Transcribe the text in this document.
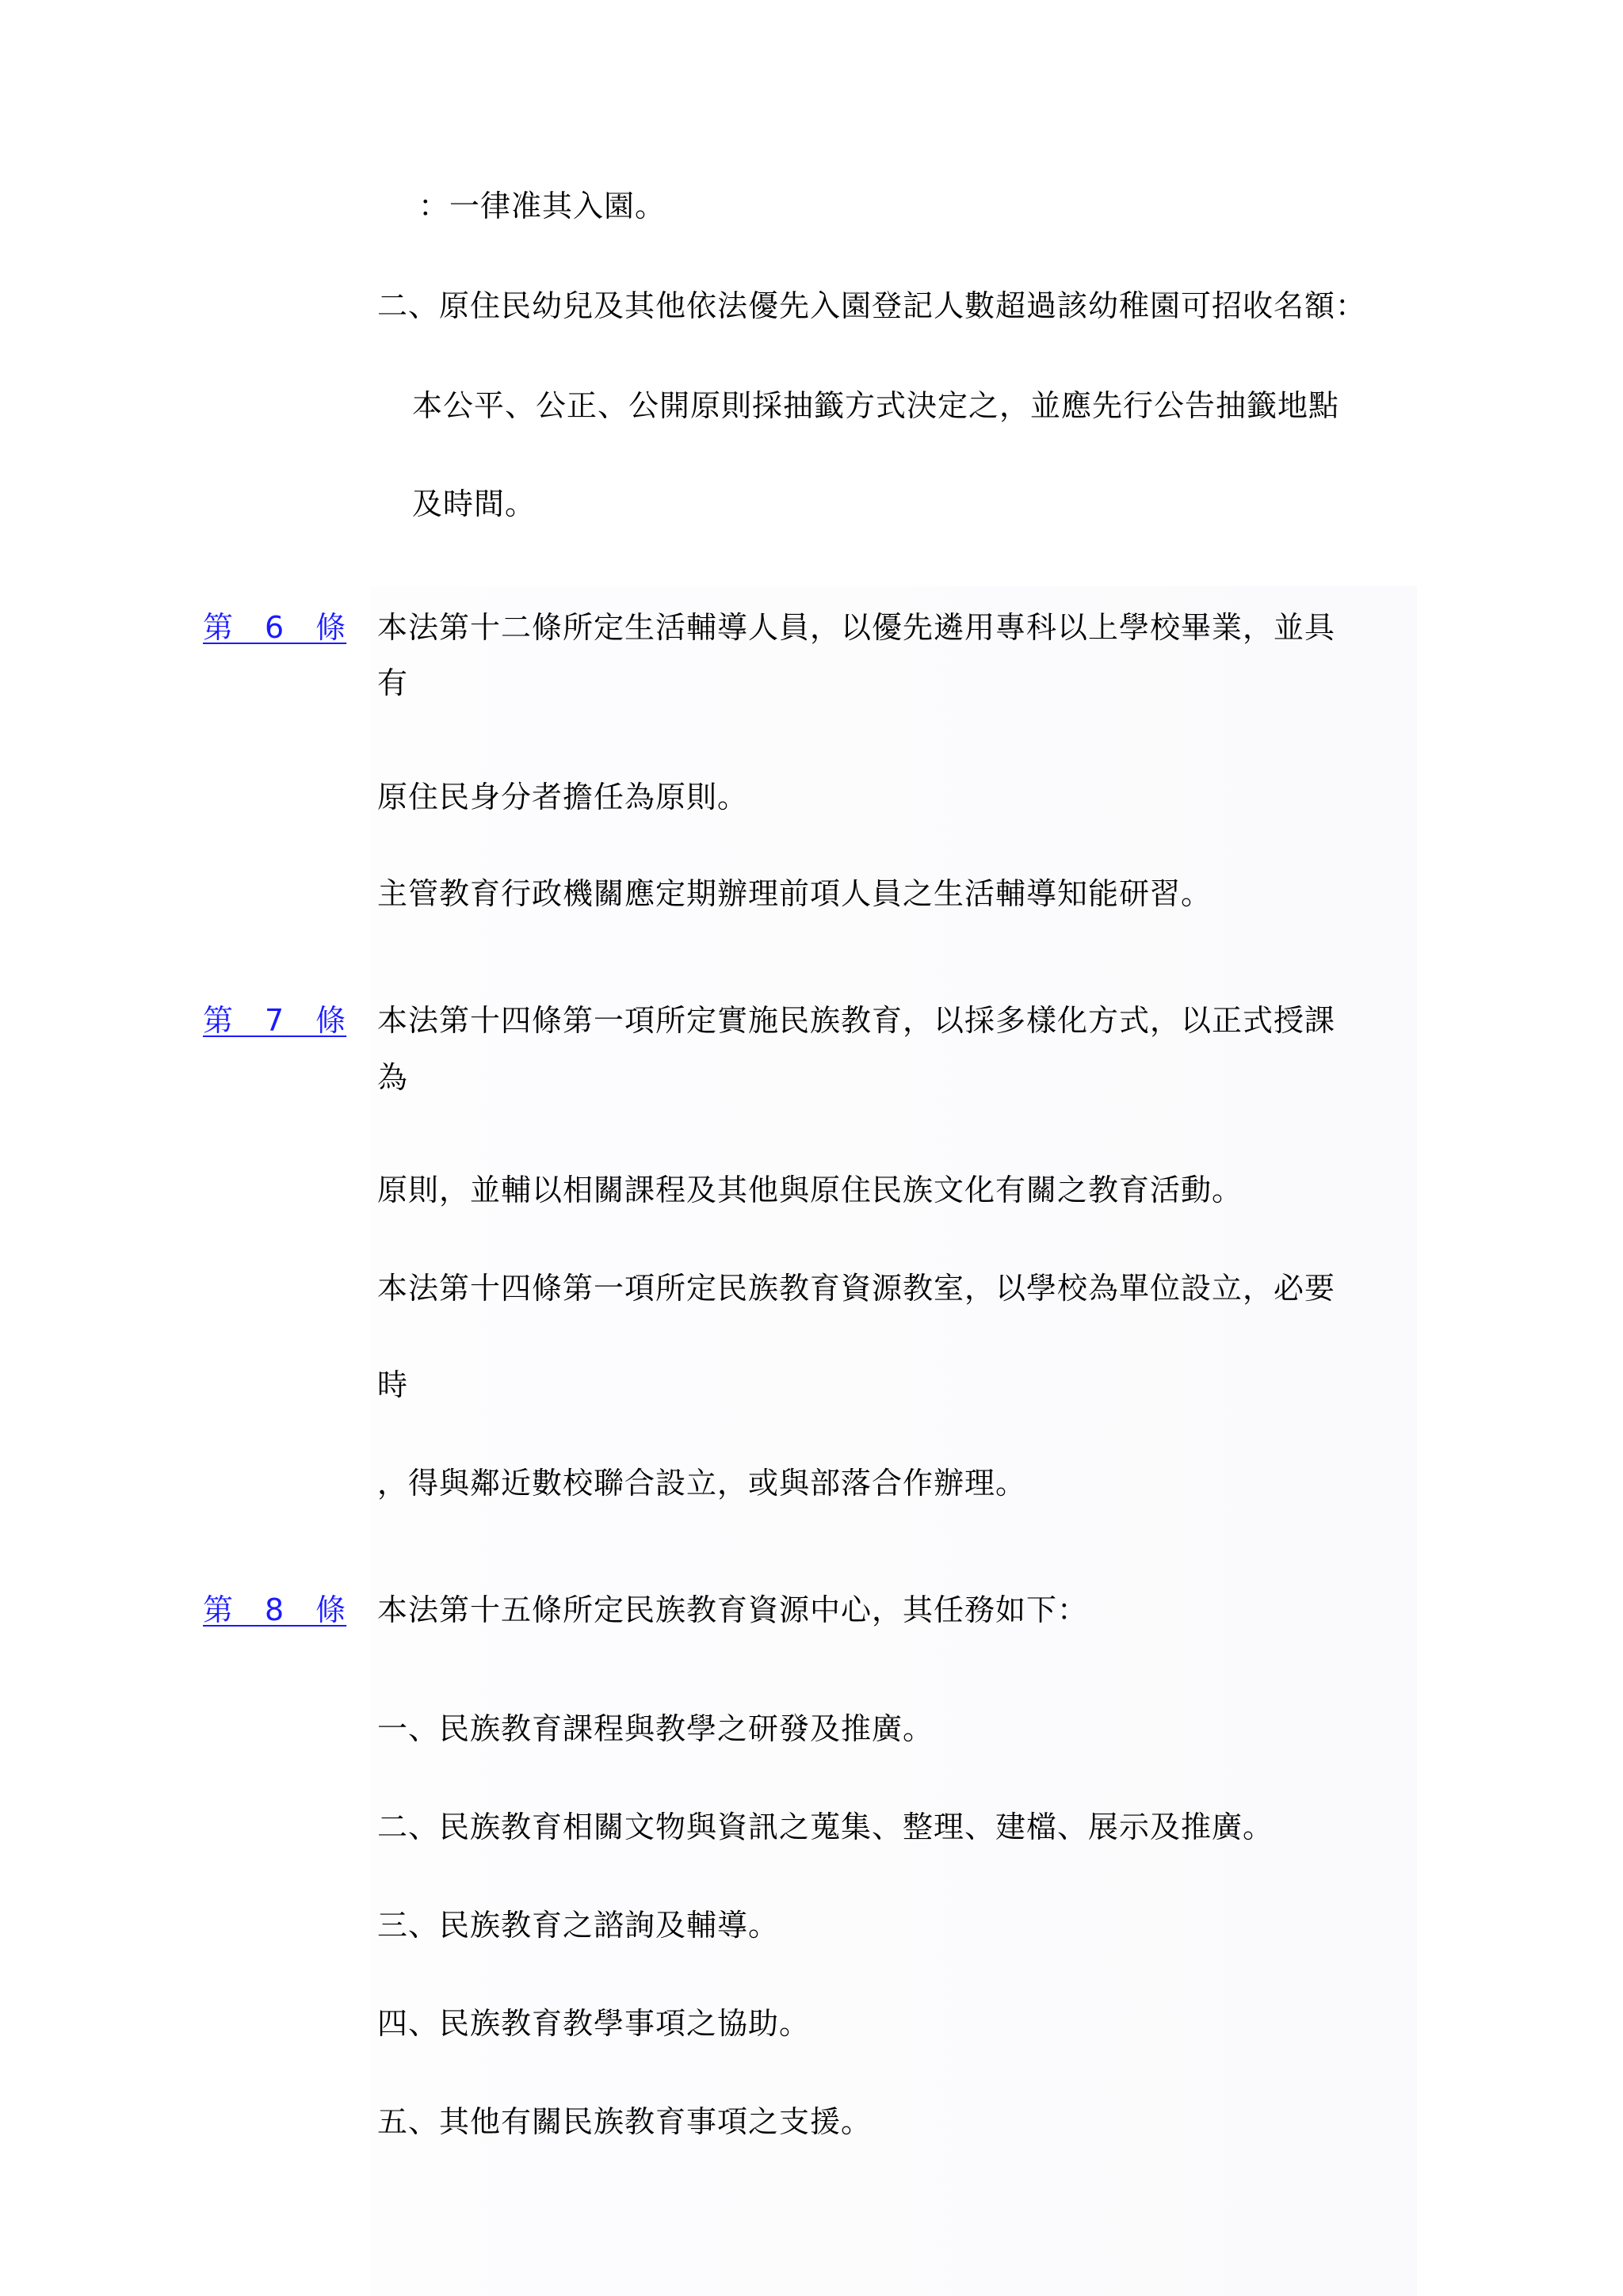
：一律准其入園。
二、原住民幼兒及其他依法優先入園登記人數超過該幼稚園可招收名額：
本公平、公正、公開原則採抽籤方式決定之，並應先行公告抽籤地點
及時間。
第　6　條 本法第十二條所定生活輔導人員，以優先遴用專科以上學校畢業，並具
有
原住民身分者擔任為原則。
主管教育行政機關應定期辦理前項人員之生活輔導知能研習。
第　7　條 本法第十四條第一項所定實施民族教育，以採多樣化方式，以正式授課
為
原則，並輔以相關課程及其他與原住民族文化有關之教育活動。
本法第十四條第一項所定民族教育資源教室，以學校為單位設立，必要
時
，得與鄰近數校聯合設立，或與部落合作辦理。
第　8　條 本法第十五條所定民族教育資源中心，其任務如下：
一、民族教育課程與教學之研發及推廣。
二、民族教育相關文物與資訊之蒐集、整理、建檔、展示及推廣。
三、民族教育之諮詢及輔導。
四、民族教育教學事項之協助。
五、其他有關民族教育事項之支援。
